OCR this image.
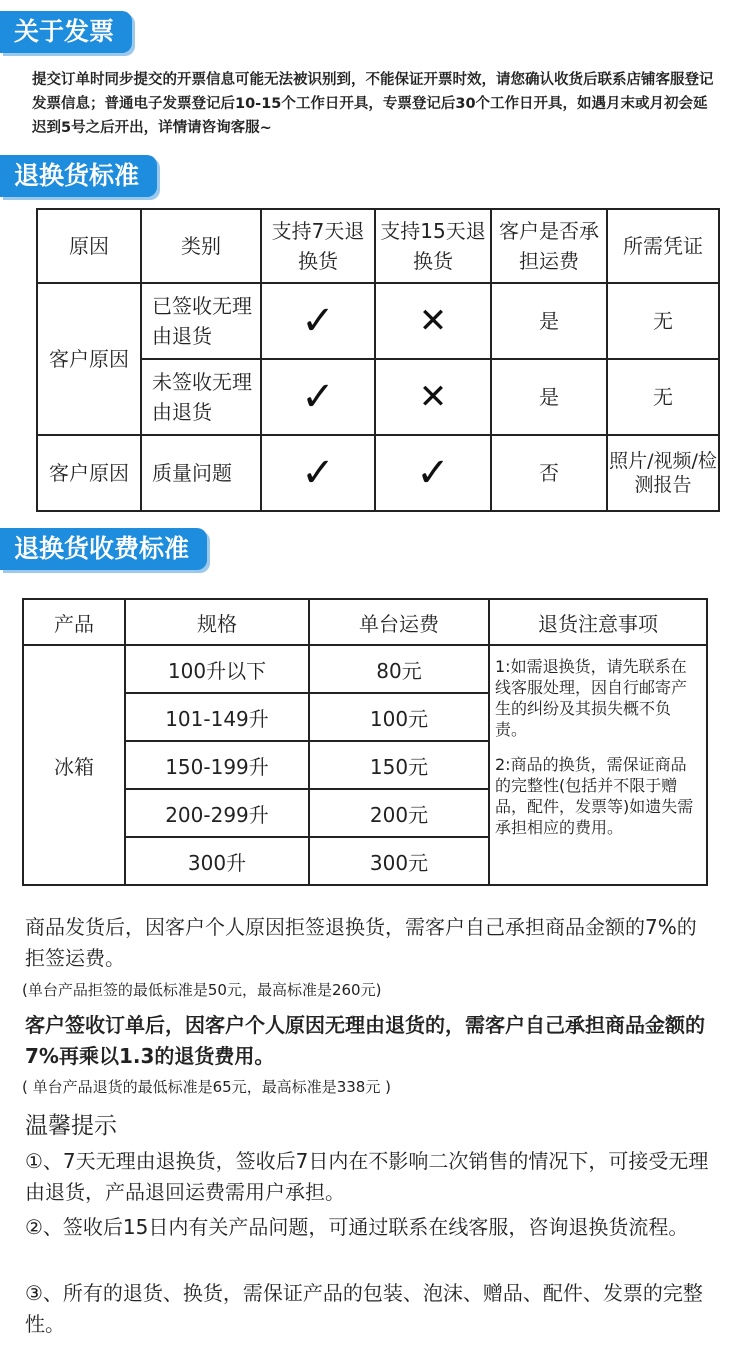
关于发票
提交订单时同步提交的开票信息可能无法被识别到，不能保证开票时效，请您确认收货后联系店铺客服登记发票信息；普通电子发票登记后10-15个工作日开具，专票登记后30个工作日开具，如遇月末或月初会延迟到5号之后开出，详情请咨询客服~
退换货标准
原因	类别	支持7天退换货	支持15天退换货	客户是否承担运费	所需凭证
客户原因	已签收无理由退货	✓	✕	是	无
	未签收无理由退货	✓	✕	是	无
客户原因	质量问题	✓	✓	否	照片/视频/检测报告
退换货收费标准
产品	规格	单台运费	退货注意事项
冰箱	100升以下	80元	1:如需退换货，请先联系在线客服处理，因自行邮寄产生的纠纷及其损失概不负责。

2:商品的换货，需保证商品的完整性(包括并不限于赠品，配件，发票等)如遗失需承担相应的费用。

	101-149升	100元	
	150-199升	150元	
	200-299升	200元	
	300升	300元	
商品发货后，因客户个人原因拒签退换货，需客户自己承担商品金额的7%的拒签运费。
(单台产品拒签的最低标准是50元，最高标准是260元)
客户签收订单后，因客户个人原因无理由退货的，需客户自己承担商品金额的7%再乘以1.3的退货费用。
( 单台产品退货的最低标准是65元，最高标准是338元 )
温馨提示
①、7天无理由退换货，签收后7日内在不影响二次销售的情况下，可接受无理由退货，产品退回运费需用户承担。
②、签收后15日内有关产品问题，可通过联系在线客服，咨询退换货流程。
③、所有的退货、换货，需保证产品的包装、泡沫、赠品、配件、发票的完整性。
